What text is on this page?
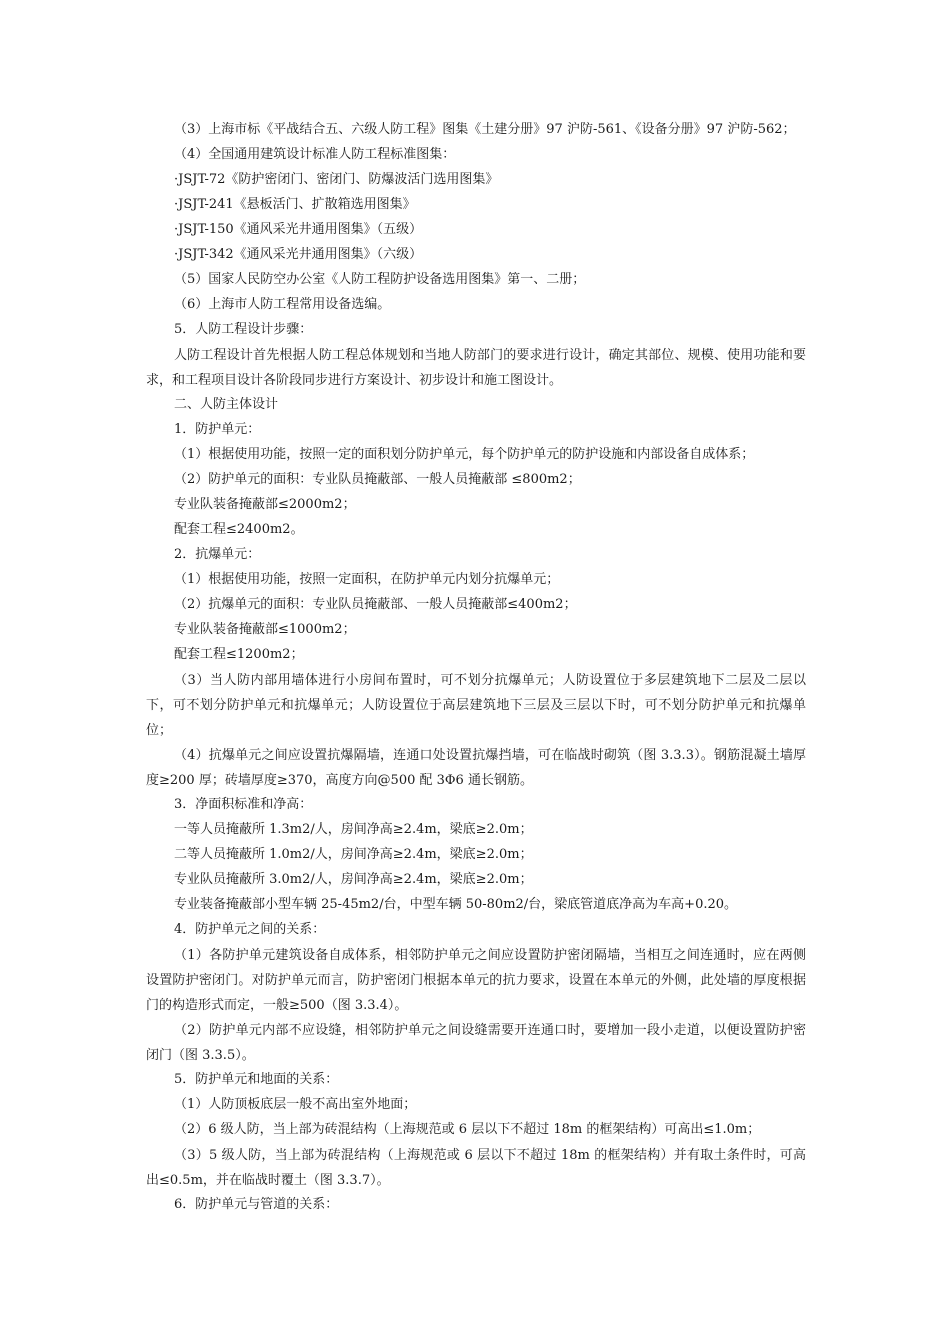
（3）上海市标《平战结合五、六级人防工程》图集《土建分册》97 沪防-561、《设备分册》97 沪防-562；
（4）全国通用建筑设计标准人防工程标准图集：
·JSJT-72《防护密闭门、密闭门、防爆波活门选用图集》
·JSJT-241《悬板活门、扩散箱选用图集》
·JSJT-150《通风采光井通用图集》（五级）
·JSJT-342《通风采光井通用图集》（六级）
（5）国家人民防空办公室《人防工程防护设备选用图集》第一、二册；
（6）上海市人防工程常用设备选编。
5．人防工程设计步骤：
人防工程设计首先根据人防工程总体规划和当地人防部门的要求进行设计，确定其部位、规模、使用功能和要求，和工程项目设计各阶段同步进行方案设计、初步设计和施工图设计。
二、人防主体设计
1．防护单元：
（1）根据使用功能，按照一定的面积划分防护单元，每个防护单元的防护设施和内部设备自成体系；
（2）防护单元的面积：专业队员掩蔽部、一般人员掩蔽部 ≤800m2；
专业队装备掩蔽部≤2000m2；
配套工程≤2400m2。
2．抗爆单元：
（1）根据使用功能，按照一定面积，在防护单元内划分抗爆单元；
（2）抗爆单元的面积：专业队员掩蔽部、一般人员掩蔽部≤400m2；
专业队装备掩蔽部≤1000m2；
配套工程≤1200m2；
（3）当人防内部用墙体进行小房间布置时，可不划分抗爆单元；人防设置位于多层建筑地下二层及二层以下，可不划分防护单元和抗爆单元；人防设置位于高层建筑地下三层及三层以下时，可不划分防护单元和抗爆单位；
（4）抗爆单元之间应设置抗爆隔墙，连通口处设置抗爆挡墙，可在临战时砌筑（图 3.3.3）。钢筋混凝土墙厚度≥200 厚；砖墙厚度≥370，高度方向@500 配 3Φ6 通长钢筋。
3．净面积标准和净高：
一等人员掩蔽所 1.3m2/人，房间净高≥2.4m，梁底≥2.0m；
二等人员掩蔽所 1.0m2/人，房间净高≥2.4m，梁底≥2.0m；
专业队员掩蔽所 3.0m2/人，房间净高≥2.4m，梁底≥2.0m；
专业装备掩蔽部小型车辆 25-45m2/台，中型车辆 50-80m2/台，梁底管道底净高为车高+0.20。
4．防护单元之间的关系：
（1）各防护单元建筑设备自成体系，相邻防护单元之间应设置防护密闭隔墙，当相互之间连通时，应在两侧设置防护密闭门。对防护单元而言，防护密闭门根据本单元的抗力要求，设置在本单元的外侧，此处墙的厚度根据门的构造形式而定，一般≥500（图 3.3.4）。
（2）防护单元内部不应设缝，相邻防护单元之间设缝需要开连通口时，要增加一段小走道，以便设置防护密闭门（图 3.3.5）。
5．防护单元和地面的关系：
（1）人防顶板底层一般不高出室外地面；
（2）6 级人防，当上部为砖混结构（上海规范或 6 层以下不超过 18m 的框架结构）可高出≤1.0m；
（3）5 级人防，当上部为砖混结构（上海规范或 6 层以下不超过 18m 的框架结构）并有取土条件时，可高出≤0.5m，并在临战时覆土（图 3.3.7）。
6．防护单元与管道的关系：
